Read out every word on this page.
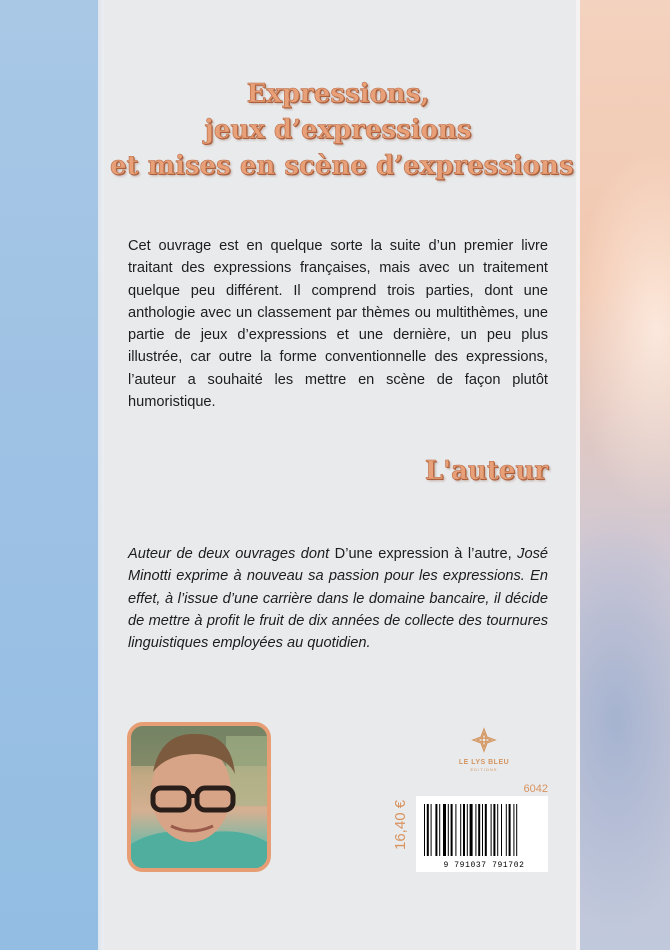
Expressions,
jeux d’expressions
et mises en scène d’expressions
Cet ouvrage est en quelque sorte la suite d’un premier livre traitant des expressions françaises, mais avec un traitement quelque peu différent. Il comprend trois parties, dont une anthologie avec un classement par thèmes ou multithèmes, une partie de jeux d’expressions et une dernière, un peu plus illustrée, car outre la forme conventionnelle des expressions, l’auteur a souhaité les mettre en scène de façon plutôt humoristique.
L'auteur
Auteur de deux ouvrages dont D’une expression à l’autre, José Minotti exprime à nouveau sa passion pour les expressions. En effet, à l’issue d’une carrière dans le domaine bancaire, il décide de mettre à profit le fruit de dix années de collecte des tournures linguistiques employées au quotidien.
LE LYS BLEU
ÉDITIONS
6042
16,40 €
9 791037 791702
